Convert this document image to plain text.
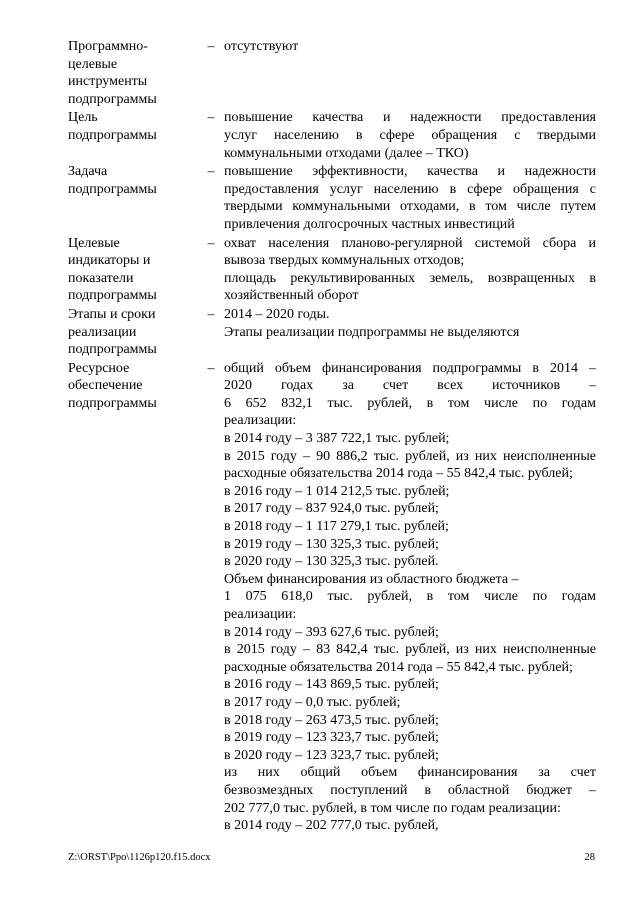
Программно-
целевые
инструменты
подпрограммы
– отсутствуют
Цель
подпрограммы
– повышение качества и надежности предоставления
услуг населению в сфере обращения с твердыми
коммунальными отходами (далее – ТКО)
Задача
подпрограммы
– повышение эффективности, качества и надежности
предоставления услуг населению в сфере обращения с
твердыми коммунальными отходами, в том числе путем
привлечения долгосрочных частных инвестиций
Целевые
индикаторы и
показатели
подпрограммы
– охват населения планово-регулярной системой сбора и
вывоза твердых коммунальных отходов;
площадь рекультивированных земель, возвращенных в
хозяйственный оборот
Этапы и сроки
реализации
подпрограммы
– 2014 – 2020 годы.
Этапы реализации подпрограммы не выделяются
Ресурсное
обеспечение
подпрограммы
– общий объем финансирования подпрограммы в 2014 –
2020 годах за счет всех источников –
6 652 832,1 тыс. рублей, в том числе по годам
реализации:
в 2014 году – 3 387 722,1 тыс. рублей;
в 2015 году – 90 886,2 тыс. рублей, из них неисполненные
расходные обязательства 2014 года – 55 842,4 тыс. рублей;
в 2016 году – 1 014 212,5 тыс. рублей;
в 2017 году – 837 924,0 тыс. рублей;
в 2018 году – 1 117 279,1 тыс. рублей;
в 2019 году – 130 325,3 тыс. рублей;
в 2020 году – 130 325,3 тыс. рублей.
Объем финансирования из областного бюджета –
1 075 618,0 тыс. рублей, в том числе по годам
реализации:
в 2014 году – 393 627,6 тыс. рублей;
в 2015 году – 83 842,4 тыс. рублей, из них неисполненные
расходные обязательства 2014 года – 55 842,4 тыс. рублей;
в 2016 году – 143 869,5 тыс. рублей;
в 2017 году – 0,0 тыс. рублей;
в 2018 году – 263 473,5 тыс. рублей;
в 2019 году – 123 323,7 тыс. рублей;
в 2020 году – 123 323,7 тыс. рублей;
из них общий объем финансирования за счет
безвозмездных поступлений в областной бюджет –
202 777,0 тыс. рублей, в том числе по годам реализации:
в 2014 году – 202 777,0 тыс. рублей,
Z:\ORST\Ppo\1126p120.f15.docx	28
